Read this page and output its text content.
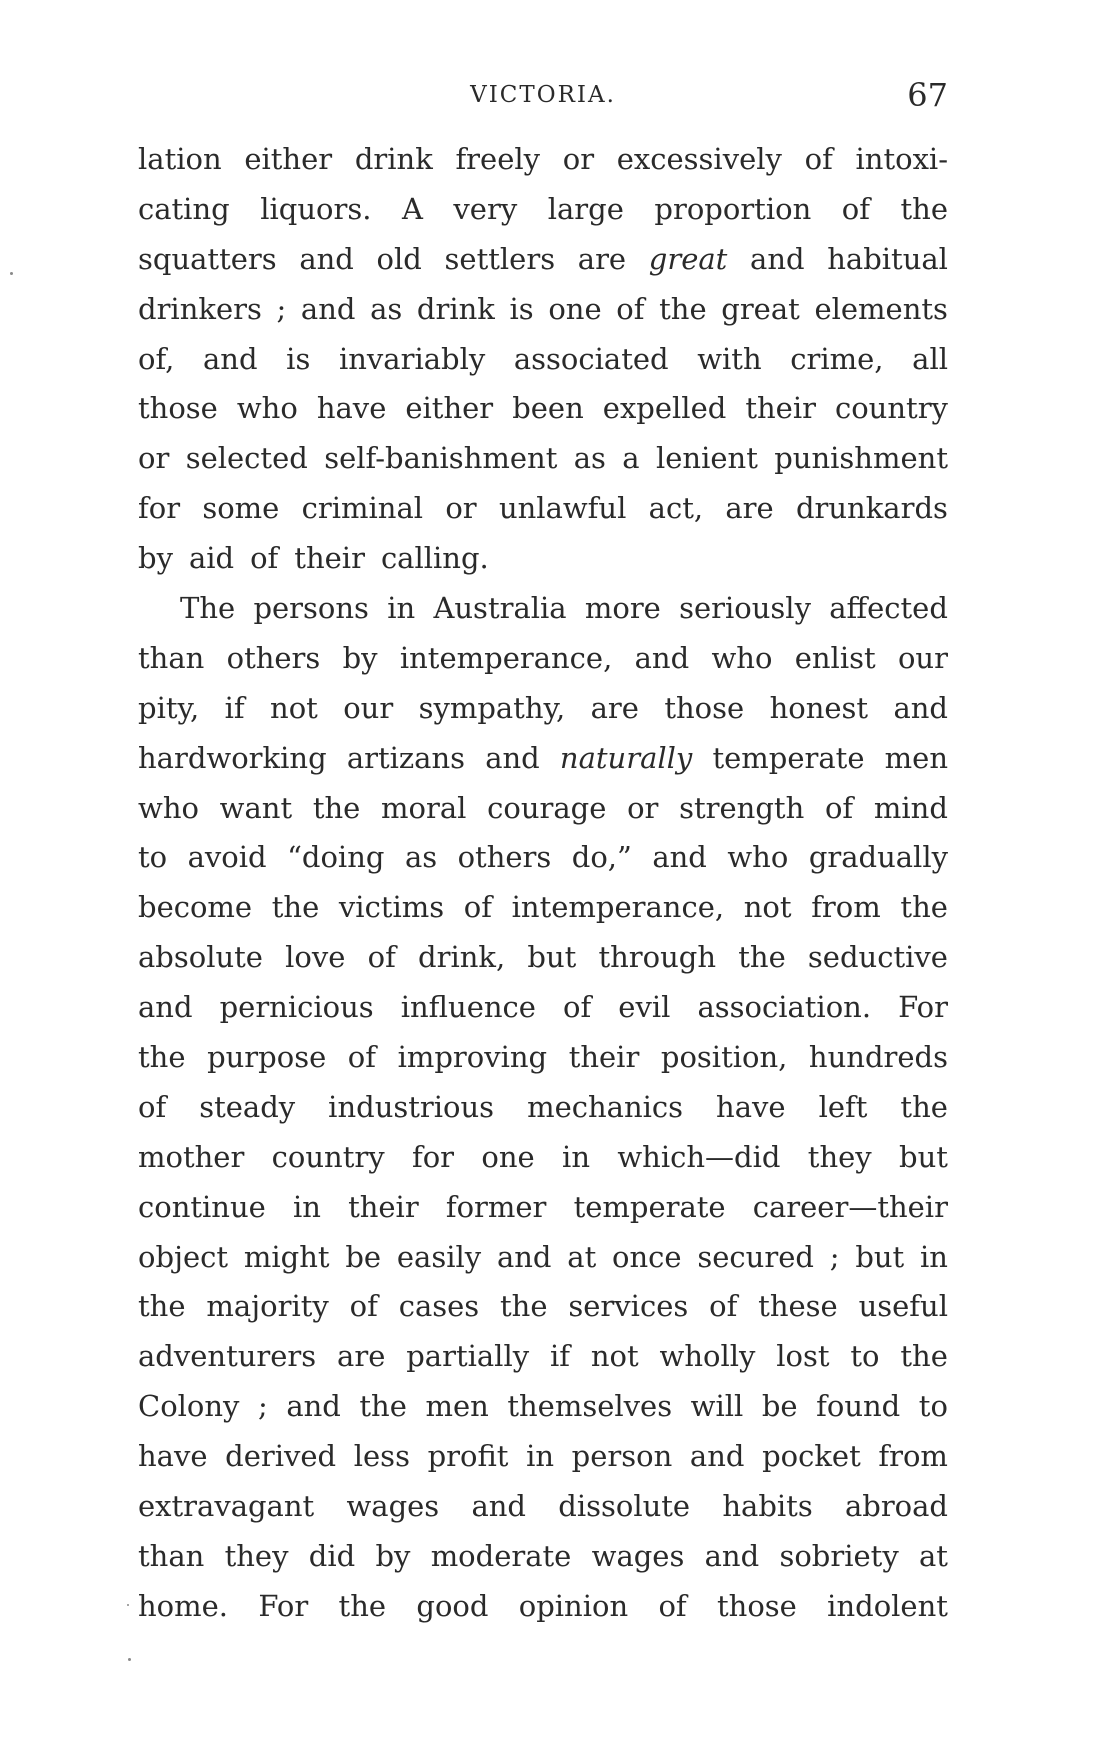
VICTORIA.	67
lation either drink freely or excessively of intoxi-
cating liquors. A very large proportion of the
squatters and old settlers are great and habitual
drinkers ; and as drink is one of the great elements
of, and is invariably associated with crime, all
those who have either been expelled their country
or selected self-banishment as a lenient punishment
for some criminal or unlawful act, are drunkards
by aid of their calling.
The persons in Australia more seriously affected
than others by intemperance, and who enlist our
pity, if not our sympathy, are those honest and
hardworking artizans and naturally temperate men
who want the moral courage or strength of mind
to avoid “doing as others do,” and who gradually
become the victims of intemperance, not from the
absolute love of drink, but through the seductive
and pernicious influence of evil association. For
the purpose of improving their position, hundreds
of steady industrious mechanics have left the
mother country for one in which—did they but
continue in their former temperate career—their
object might be easily and at once secured ; but in
the majority of cases the services of these useful
adventurers are partially if not wholly lost to the
Colony ; and the men themselves will be found to
have derived less profit in person and pocket from
extravagant wages and dissolute habits abroad
than they did by moderate wages and sobriety at
home. For the good opinion of those indolent
